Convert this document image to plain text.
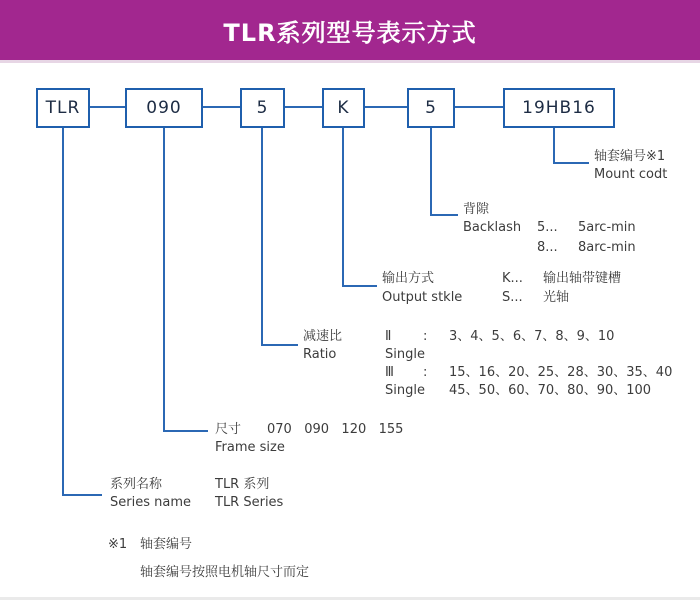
TLR系列型号表示方式
TLR	090	5	K	5	19HB16
轴套编号※1
Mount codt
背隙
Backlash 5... 5arc-min
8... 8arc-min
输出方式
Output stkle
K... 输出轴带键槽
S... 光轴
减速比
Ratio
Ⅱ : 3、4、5、6、7、8、9、10
Single
Ⅲ : 15、16、20、25、28、30、35、40
Single 45、50、60、70、80、90、100
尺寸 070   090   120   155
Frame size
系列名称
Series name
TLR 系列
TLR Series
※1 轴套编号
轴套编号按照电机轴尺寸而定
